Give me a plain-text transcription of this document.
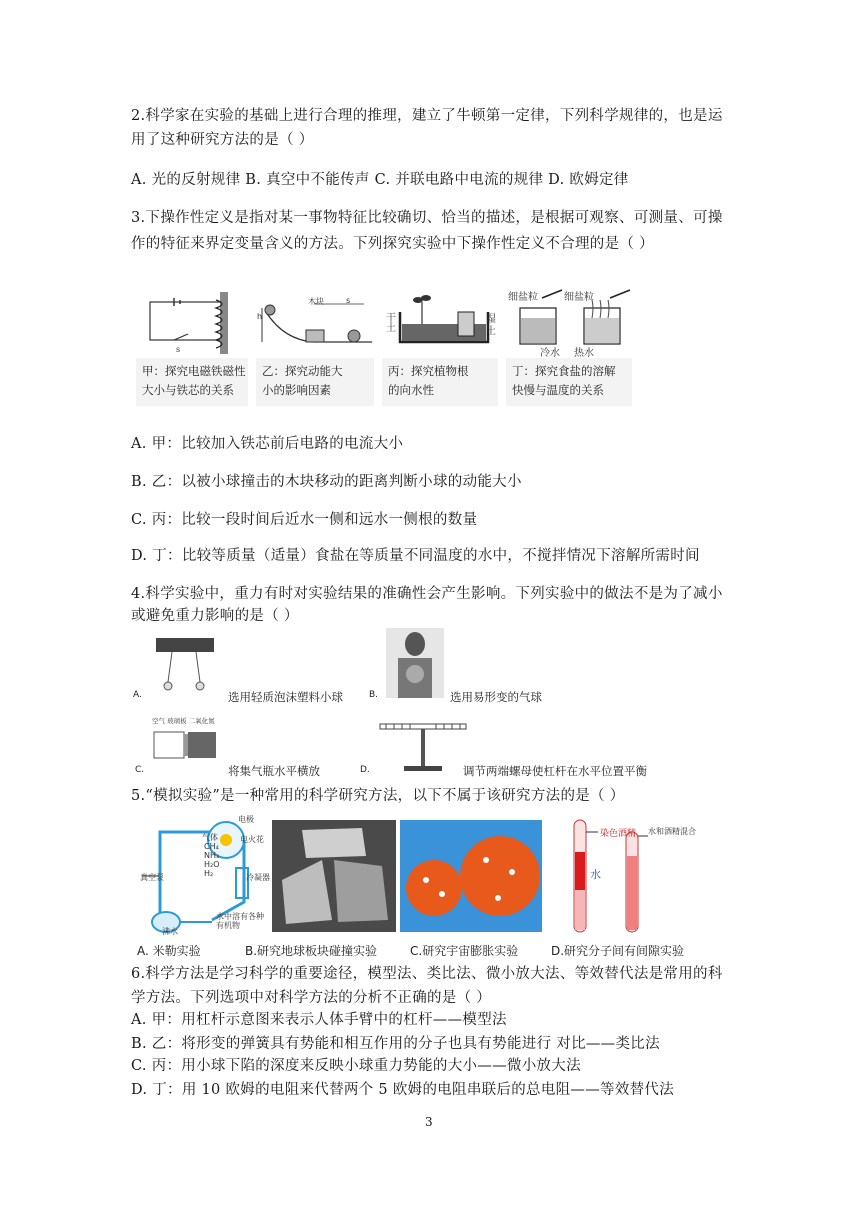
2.科学家在实验的基础上进行合理的推理，建立了牛顿第一定律，下列科学规律的，也是运
用了这种研究方法的是（ ）
A. 光的反射规律 B. 真空中不能传声 C. 并联电路中电流的规律 D. 欧姆定律
3.下操作性定义是指对某一事物特征比较确切、恰当的描述，是根据可观察、可测量、可操
作的特征来界定变量含义的方法。下列探究实验中下操作性定义不合理的是（ ）
s
甲：探究电磁铁磁性
大小与铁芯的关系
h
木块	s
乙：探究动能大
小的影响因素
干
土
湿
土
丙：探究植物根
的向水性
细盐粒	细盐粒
冷水 热水
丁：探究食盐的溶解
快慢与温度的关系
A. 甲：比较加入铁芯前后电路的电流大小
B. 乙：以被小球撞击的木块移动的距离判断小球的动能大小
C. 丙：比较一段时间后近水一侧和远水一侧根的数量
D. 丁：比较等质量（适量）食盐在等质量不同温度的水中，不搅拌情况下溶解所需时间
4.科学实验中，重力有时对实验结果的准确性会产生影响。下列实验中的做法不是为了减小
或避免重力影响的是（ ）
A.	选用轻质泡沫塑料小球	B.	选用易形变的气球
空气 玻璃板 二氧化氮
C.	将集气瓶水平横放	D.	调节两端螺母使杠杆在水平位置平衡
5.“模拟实验”是一种常用的科学研究方法，以下不属于该研究方法的是（ ）
电极
气体
CH₄
NH₃
H₂O
H₂
电火花
真空泵	冷凝器
沸水
水中溶有各种有机物
染色酒精
水
水和酒精混合
A. 米勒实验	B.研究地球板块碰撞实验	C.研究宇宙膨胀实验	D.研究分子间有间隙实验
6.科学方法是学习科学的重要途径，模型法、类比法、微小放大法、等效替代法是常用的科
学方法。下列选项中对科学方法的分析不正确的是（ ）
A. 甲：用杠杆示意图来表示人体手臂中的杠杆——模型法
B. 乙：将形变的弹簧具有势能和相互作用的分子也具有势能进行 对比——类比法
C. 丙：用小球下陷的深度来反映小球重力势能的大小——微小放大法
D. 丁：用 10 欧姆的电阻来代替两个 5 欧姆的电阻串联后的总电阻——等效替代法
3
